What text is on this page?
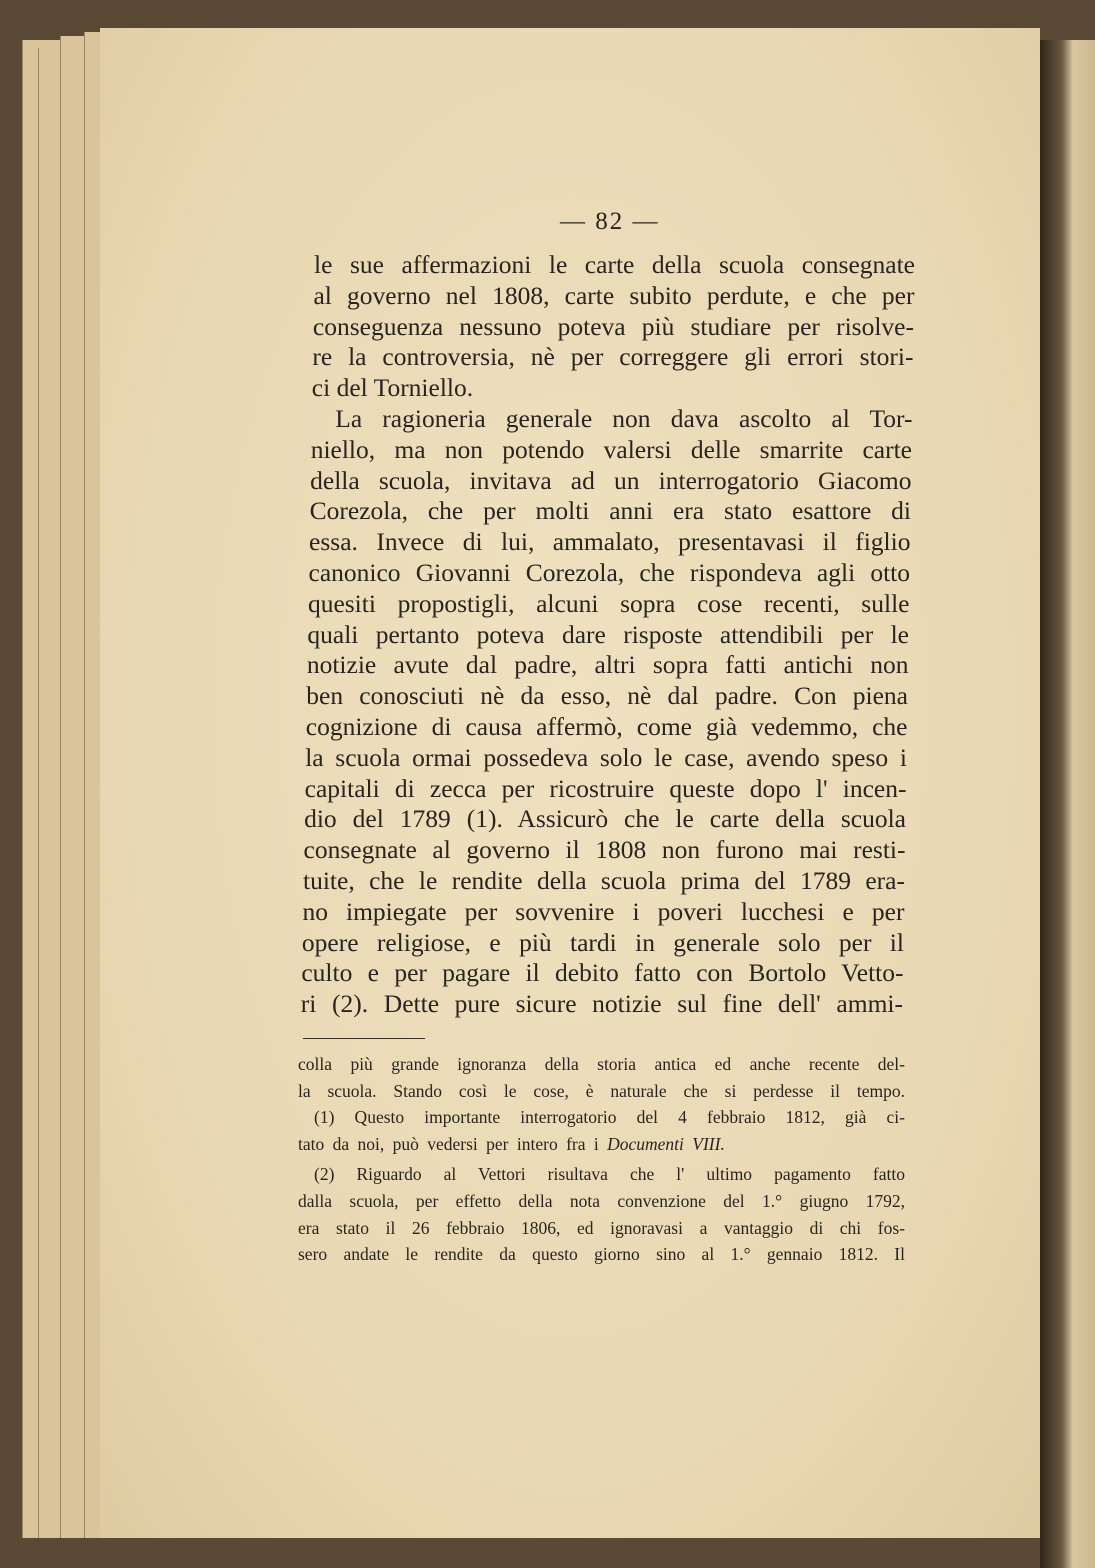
— 82 —
le sue affermazioni le carte della scuola consegnate
al governo nel 1808, carte subito perdute, e che per
conseguenza nessuno poteva più studiare per risolve-
re la controversia, nè per correggere gli errori stori-
ci del Torniello.
La ragioneria generale non dava ascolto al Tor-
niello, ma non potendo valersi delle smarrite carte
della scuola, invitava ad un interrogatorio Giacomo
Corezola, che per molti anni era stato esattore di
essa. Invece di lui, ammalato, presentavasi il figlio
canonico Giovanni Corezola, che rispondeva agli otto
quesiti propostigli, alcuni sopra cose recenti, sulle
quali pertanto poteva dare risposte attendibili per le
notizie avute dal padre, altri sopra fatti antichi non
ben conosciuti nè da esso, nè dal padre. Con piena
cognizione di causa affermò, come già vedemmo, che
la scuola ormai possedeva solo le case, avendo speso i
capitali di zecca per ricostruire queste dopo l' incen-
dio del 1789 (1). Assicurò che le carte della scuola
consegnate al governo il 1808 non furono mai resti-
tuite, che le rendite della scuola prima del 1789 era-
no impiegate per sovvenire i poveri lucchesi e per
opere religiose, e più tardi in generale solo per il
culto e per pagare il debito fatto con Bortolo Vetto-
ri (2). Dette pure sicure notizie sul fine dell' ammi-
colla più grande ignoranza della storia antica ed anche recente del-
la scuola. Stando così le cose, è naturale che si perdesse il tempo.
(1) Questo importante interrogatorio del 4 febbraio 1812, già ci-
tato da noi, può vedersi per intero fra i Documenti VIII.
(2) Riguardo al Vettori risultava che l' ultimo pagamento fatto
dalla scuola, per effetto della nota convenzione del 1.° giugno 1792,
era stato il 26 febbraio 1806, ed ignoravasi a vantaggio di chi fos-
sero andate le rendite da questo giorno sino al 1.° gennaio 1812. Il
